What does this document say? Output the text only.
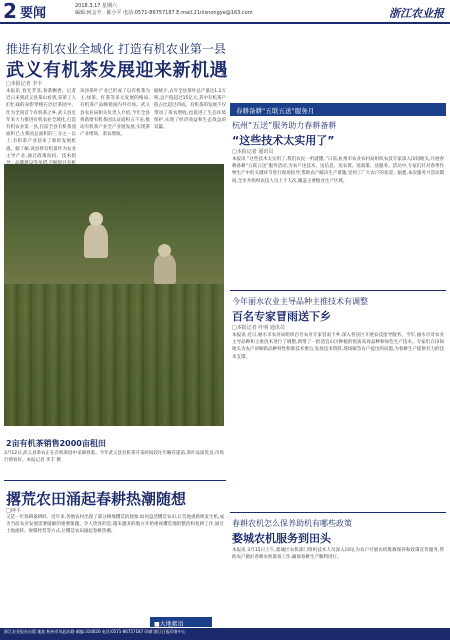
2 要闻	2018.3.17 星期六
编辑:何会升 · 陈小平 电话:0571-86757187 E-mail:21nlsnongye@163.com	浙江农业报
推进有机农业全域化 打造有机农业第一县
武义有机茶发展迎来新机遇
□本报记者 李丰
本报讯 春光芳菲,春茶飘香。记者近日来到武义县茶山看到,采茶工人们忙碌的身影穿梭在层层茶园中。作为全国首个有机茶之乡,武义县近年来大力推进有机农业全域化,打造有机农业第一县,目前全县有机茶园面积已占茶园总面积的三分之一以上,有机茶产业迎来了新的发展机遇。据了解,该县将有机茶作为农业主导产业,通过政策扶持、技术指
该县茶叶产业已形成了以有机茶为主,绿茶、红茶等多元发展的格局,有机茶产品畅销国内外市场。武义县农业局相关负责人介绍,今年全县将新增有机茶园认证面积五千亩,推动有机茶产业全产业链发展,实现茶产业增效、茶农增收。
据统计,去年全县茶叶总产量达1.2万吨,总产值超过15亿元,其中有机茶产值占比超过四成。有机茶的发展不仅带动了茶农增收,也促进了生态环境保护,实现了经济效益和生态效益的双赢。
2亩有机茶销售2000亩租田
3月12日,武义县茶农正在有机茶园中采摘春茶。今年武义县有机茶开采时间较往年略有提前,茶叶品质优良,市场行情看好。本报记者 李丰 摄
撂荒农田涌起春耕热潮随想
□钟平
又是一年春耕备耕时。近年来,各地农村出现了部分耕地撂荒的现象,如何盘活撂荒农田,让荒地重新焕发生机,成为当前农业发展需要破解的重要课题。令人欣喜的是,越来越多的地方开始重视撂荒地的整治和复耕工作,通过土地流转、规模经营等方式,让撂荒农田涌起春耕热潮。
■大地絮语
春耕备耕“五联五送”服务月
杭州“五送”服务助力春耕备耕
“这些技术太实用了”
□本报记者 通讯员
本报讯 “这些技术太实用了,我们农民一听就懂。”日前,杭州市农业农村局组织农技专家深入田间地头,开展春耕备耕“五联五送”服务活动,为农户送技术、送信息、送农资、送政策、送服务。活动中,专家们针对春季作物生产中的关键环节进行现场指导,帮助农户解决生产难题,受到了广大农户的欢迎。据悉,本次服务月活动期间,全市共组织农技人员上千人次,覆盖主要粮食生产区域。
今年丽水农业主导品种主推技术有调整
百名专家冒雨送下乡
□本报记者 叶明 通讯员
本报讯 近日,丽水市农业局组织百名农业专家冒雨下乡,深入各县区开展农技指导服务。今年,丽水市对农业主导品种和主推技术进行了调整,新增了一批适宜山区种植的优质高效品种和绿色生产技术。专家们在田间地头为农户讲解新品种特性和新技术要点,发放技术资料,现场解答农户提出的问题,为春耕生产提供有力的技术支撑。
春耕农机怎么保养助机有哪些政策
婺城农机服务到田头
本报讯 3月15日上午,婺城区农机部门组织技术人员深入田间,为农户开展农机维修保养和政策宣传服务,帮助农户做好春耕农机准备工作,确保春耕生产顺利进行。
浙江农业报社出版 地址:杭州市凤起东路 邮编:310020 电话:0571-86757187 印刷:浙江日报印务中心
